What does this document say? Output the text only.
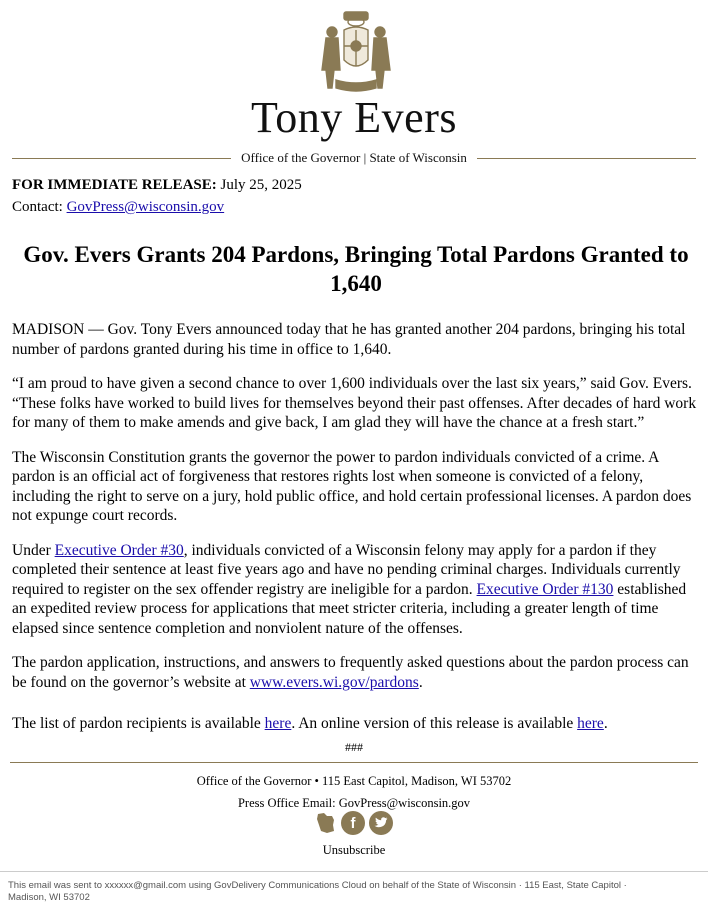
Tony Evers
Office of the Governor | State of Wisconsin
FOR IMMEDIATE RELEASE: July 25, 2025
Contact: GovPress@wisconsin.gov
Gov. Evers Grants 204 Pardons, Bringing Total Pardons Granted to 1,640

MADISON — Gov. Tony Evers announced today that he has granted another 204 pardons, bringing his total number of pardons granted during his time in office to 1,640.

“I am proud to have given a second chance to over 1,600 individuals over the last six years,” said Gov. Evers. “These folks have worked to build lives for themselves beyond their past offenses. After decades of hard work for many of them to make amends and give back, I am glad they will have the chance at a fresh start.”

The Wisconsin Constitution grants the governor the power to pardon individuals convicted of a crime. A pardon is an official act of forgiveness that restores rights lost when someone is convicted of a felony, including the right to serve on a jury, hold public office, and hold certain professional licenses. A pardon does not expunge court records.

Under Executive Order #30, individuals convicted of a Wisconsin felony may apply for a pardon if they completed their sentence at least five years ago and have no pending criminal charges. Individuals currently required to register on the sex offender registry are ineligible for a pardon. Executive Order #130 established an expedited review process for applications that meet stricter criteria, including a greater length of time elapsed since sentence completion and nonviolent nature of the offenses.

The pardon application, instructions, and answers to frequently asked questions about the pardon process can be found on the governor’s website at www.evers.wi.gov/pardons.

The list of pardon recipients is available here. An online version of this release is available here.

###
Office of the Governor • 115 East Capitol, Madison, WI 53702
Press Office Email: GovPress@wisconsin.gov
f
Unsubscribe
This email was sent to xxxxxx@gmail.com using GovDelivery Communications Cloud on behalf of the State of Wisconsin · 115 East, State Capitol · Madison, WI 53702
